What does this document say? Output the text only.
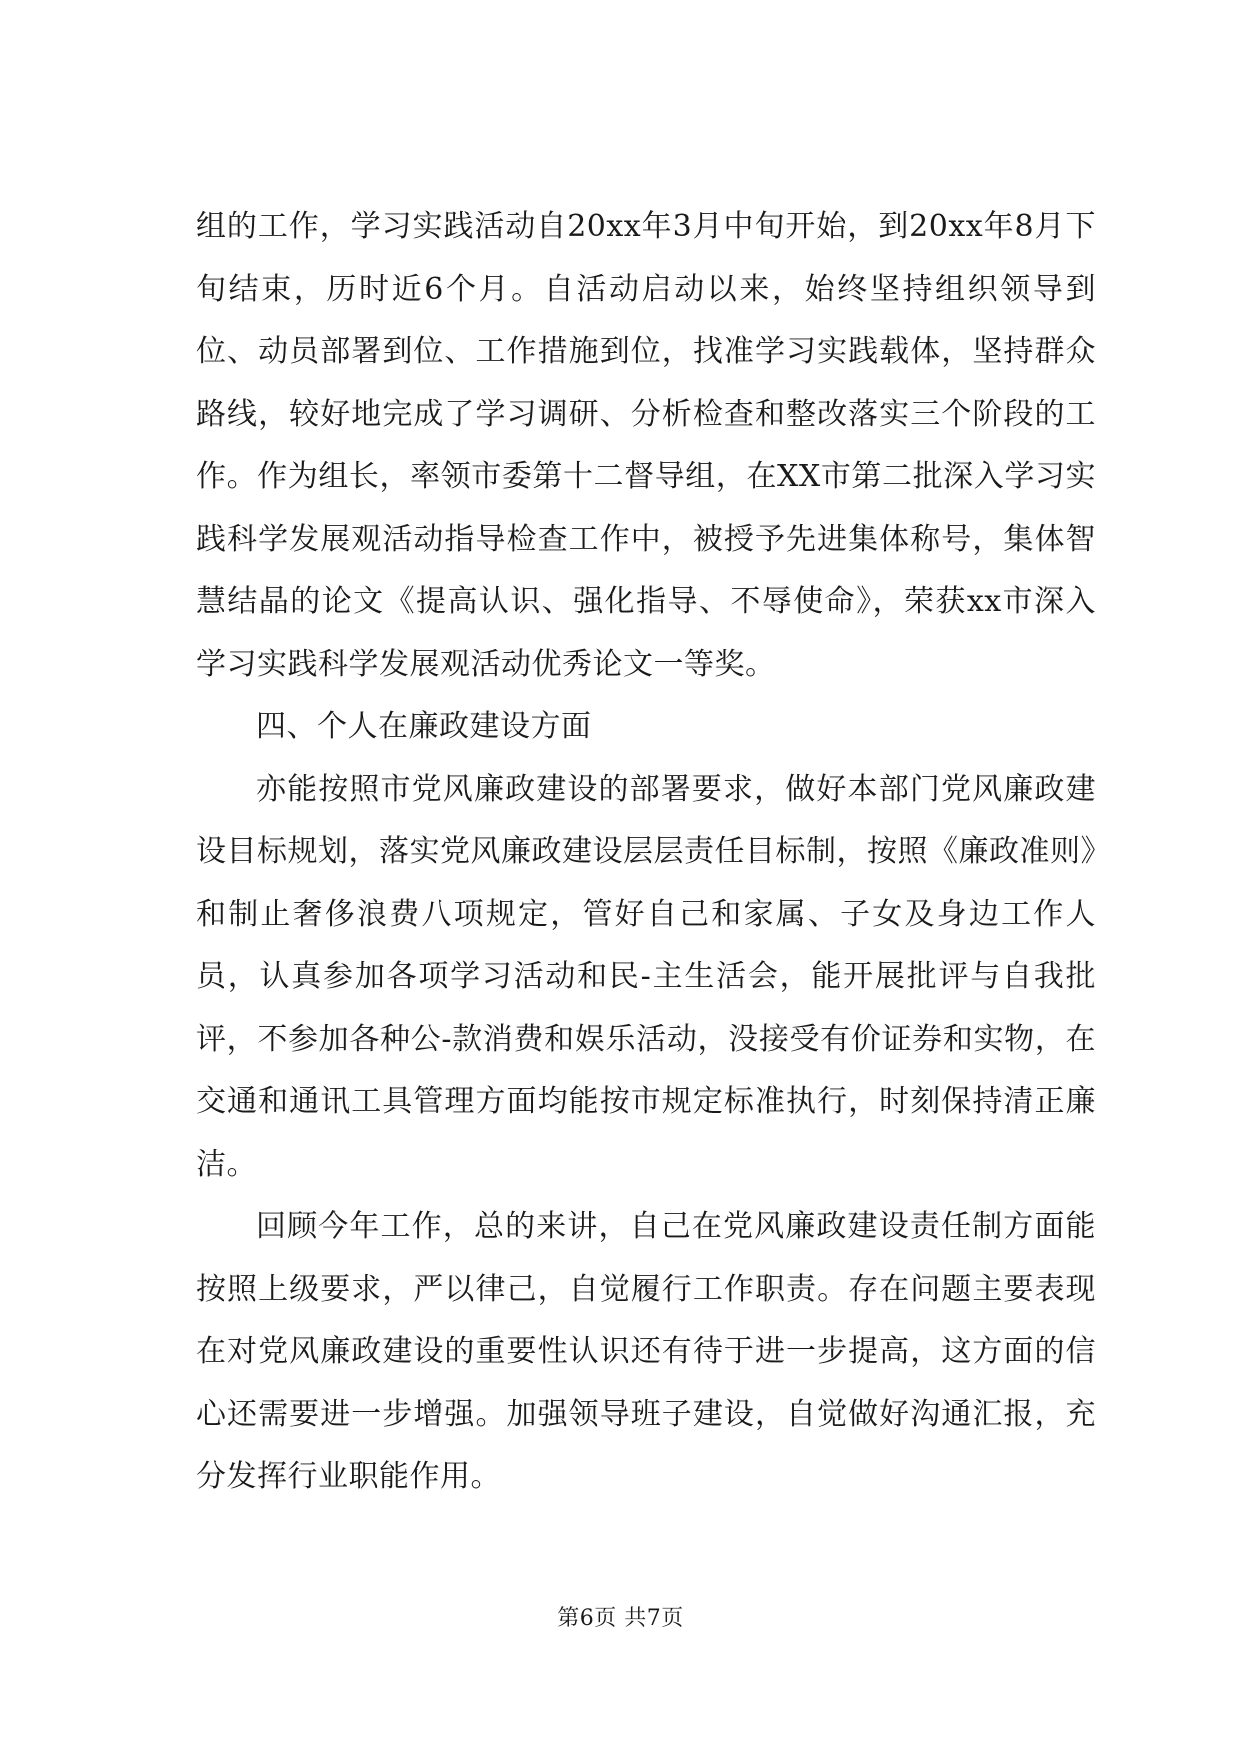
组的工作，学习实践活动自20xx年3月中旬开始，到20xx年8月下旬结束，历时近6个月。自活动启动以来，始终坚持组织领导到位、动员部署到位、工作措施到位，找准学习实践载体，坚持群众路线，较好地完成了学习调研、分析检查和整改落实三个阶段的工作。作为组长，率领市委第十二督导组，在XX市第二批深入学习实践科学发展观活动指导检查工作中，被授予先进集体称号，集体智慧结晶的论文《提高认识、强化指导、不辱使命》，荣获xx市深入学习实践科学发展观活动优秀论文一等奖。

四、个人在廉政建设方面

亦能按照市党风廉政建设的部署要求，做好本部门党风廉政建设目标规划，落实党风廉政建设层层责任目标制，按照《廉政准则》和制止奢侈浪费八项规定，管好自己和家属、子女及身边工作人员，认真参加各项学习活动和民-主生活会，能开展批评与自我批评，不参加各种公-款消费和娱乐活动，没接受有价证券和实物，在交通和通讯工具管理方面均能按市规定标准执行，时刻保持清正廉洁。

回顾今年工作，总的来讲，自己在党风廉政建设责任制方面能按照上级要求，严以律己，自觉履行工作职责。存在问题主要表现在对党风廉政建设的重要性认识还有待于进一步提高，这方面的信心还需要进一步增强。加强领导班子建设，自觉做好沟通汇报，充分发挥行业职能作用。

第6页 共7页
